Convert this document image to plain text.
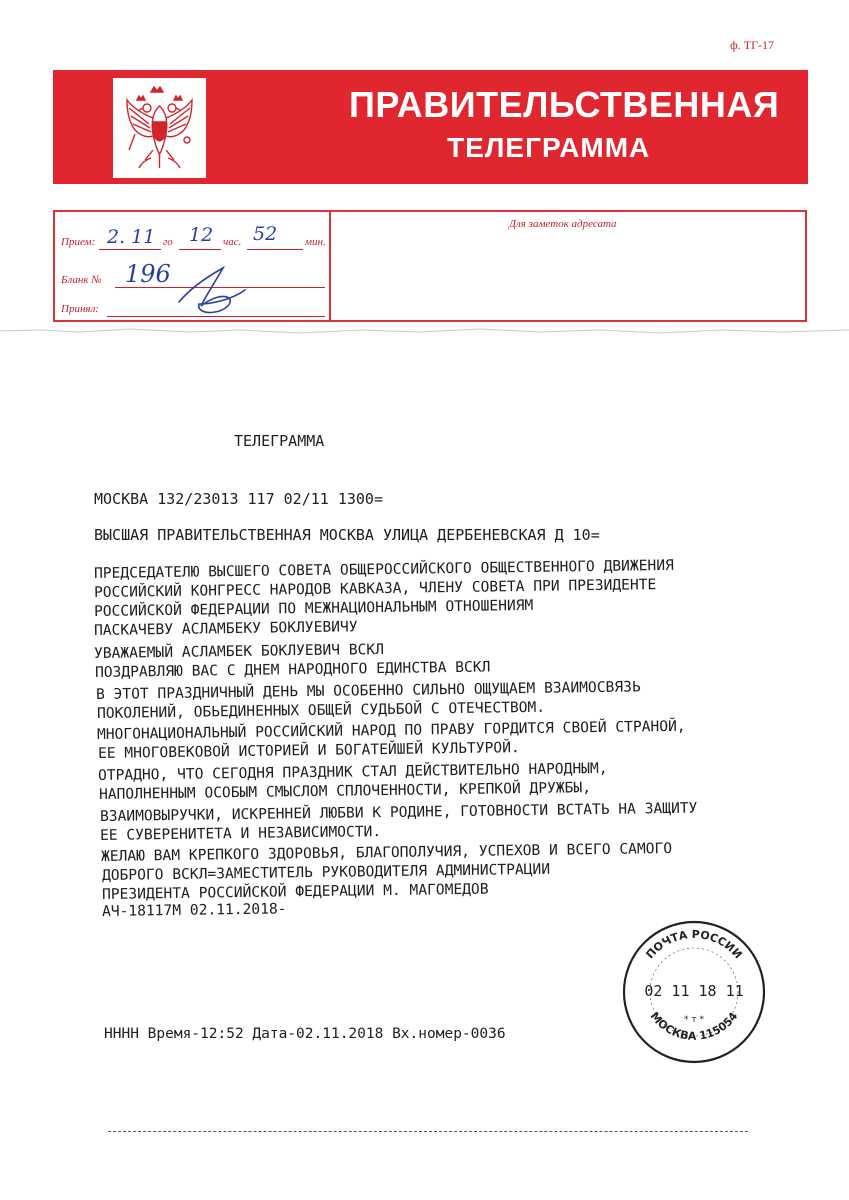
ф. ТГ-17
ПРАВИТЕЛЬСТВЕННАЯ
ТЕЛЕГРАММА
Прием: 2. 11 го 12 час. 52	мин.
Бланк № 196
Принял:
Для заметок адресата
ТЕЛЕГРАММА
МОСКВА 132/23013 117 02/11 1300=
ВЫСШАЯ ПРАВИТЕЛЬСТВЕННАЯ МОСКВА УЛИЦА ДЕРБЕНЕВСКАЯ Д 10=
ПРЕДСЕДАТЕЛЮ ВЫСШЕГО СОВЕТА ОБЩЕРОССИЙСКОГО ОБЩЕСТВЕННОГО ДВИЖЕНИЯ
РОССИЙСКИЙ КОНГРЕСС НАРОДОВ КАВКАЗА, ЧЛЕНУ СОВЕТА ПРИ ПРЕЗИДЕНТЕ
РОССИЙСКОЙ ФЕДЕРАЦИИ ПО МЕЖНАЦИОНАЛЬНЫМ ОТНОШЕНИЯМ
ПАСКАЧЕВУ АСЛАМБЕКУ БОКЛУЕВИЧУ
УВАЖАЕМЫЙ АСЛАМБЕК БОКЛУЕВИЧ ВСКЛ
ПОЗДРАВЛЯЮ ВАС С ДНЕМ НАРОДНОГО ЕДИНСТВА ВСКЛ
В ЭТОТ ПРАЗДНИЧНЫЙ ДЕНЬ МЫ ОСОБЕННО СИЛЬНО ОЩУЩАЕМ ВЗАИМОСВЯЗЬ
ПОКОЛЕНИЙ, ОБЬЕДИНЕННЫХ ОБЩЕЙ СУДЬБОЙ С ОТЕЧЕСТВОМ.
МНОГОНАЦИОНАЛЬНЫЙ РОССИЙСКИЙ НАРОД ПО ПРАВУ ГОРДИТСЯ СВОЕЙ СТРАНОЙ,
ЕЕ МНОГОВЕКОВОЙ ИСТОРИЕЙ И БОГАТЕЙШЕЙ КУЛЬТУРОЙ.
ОТРАДНО, ЧТО СЕГОДНЯ ПРАЗДНИК СТАЛ ДЕЙСТВИТЕЛЬНО НАРОДНЫМ,
НАПОЛНЕННЫМ ОСОБЫМ СМЫСЛОМ СПЛОЧЕННОСТИ, КРЕПКОЙ ДРУЖБЫ,
ВЗАИМОВЫРУЧКИ, ИСКРЕННЕЙ ЛЮБВИ К РОДИНЕ, ГОТОВНОСТИ ВСТАТЬ НА ЗАЩИТУ
ЕЕ СУВЕРЕНИТЕТА И НЕЗАВИСИМОСТИ.
ЖЕЛАЮ ВАМ КРЕПКОГО ЗДОРОВЬЯ, БЛАГОПОЛУЧИЯ, УСПЕХОВ И ВСЕГО САМОГО
ДОБРОГО ВСКЛ=ЗАМЕСТИТЕЛЬ РУКОВОДИТЕЛЯ АДМИНИСТРАЦИИ
ПРЕЗИДЕНТА РОССИЙСКОЙ ФЕДЕРАЦИИ М. МАГОМЕДОВ
АЧ-18117М 02.11.2018-
НННН Время-12:52 Дата-02.11.2018 Вх.номер-0036
ПОЧТА РОССИИ
02 11 18 11
* т *
МОСКВА 115054
